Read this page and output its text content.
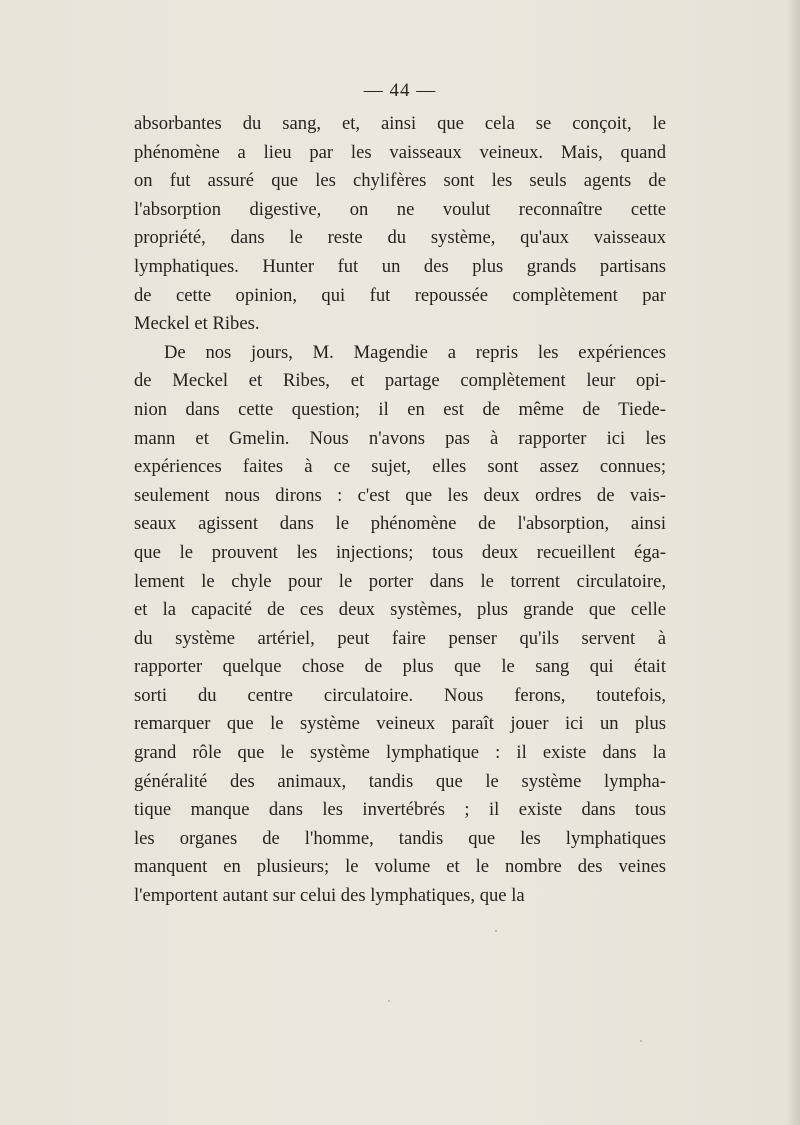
— 44 —

absorbantes du sang, et, ainsi que cela se conçoit, le

phénomène a lieu par les vaisseaux veineux. Mais, quand

on fut assuré que les chylifères sont les seuls agents de

l'absorption digestive, on ne voulut reconnaître cette

propriété, dans le reste du système, qu'aux vaisseaux

lymphatiques. Hunter fut un des plus grands partisans

de cette opinion, qui fut repoussée complètement par

Meckel et Ribes.

De nos jours, M. Magendie a repris les expériences

de Meckel et Ribes, et partage complètement leur opi-

nion dans cette question; il en est de même de Tiede-

mann et Gmelin. Nous n'avons pas à rapporter ici les

expériences faites à ce sujet, elles sont assez connues;

seulement nous dirons : c'est que les deux ordres de vais-

seaux agissent dans le phénomène de l'absorption, ainsi

que le prouvent les injections; tous deux recueillent éga-

lement le chyle pour le porter dans le torrent circulatoire,

et la capacité de ces deux systèmes, plus grande que celle

du système artériel, peut faire penser qu'ils servent à

rapporter quelque chose de plus que le sang qui était

sorti du centre circulatoire. Nous ferons, toutefois,

remarquer que le système veineux paraît jouer ici un plus

grand rôle que le système lymphatique : il existe dans la

généralité des animaux, tandis que le système lympha-

tique manque dans les invertébrés ; il existe dans tous

les organes de l'homme, tandis que les lymphatiques

manquent en plusieurs; le volume et le nombre des veines

l'emportent autant sur celui des lymphatiques, que la
